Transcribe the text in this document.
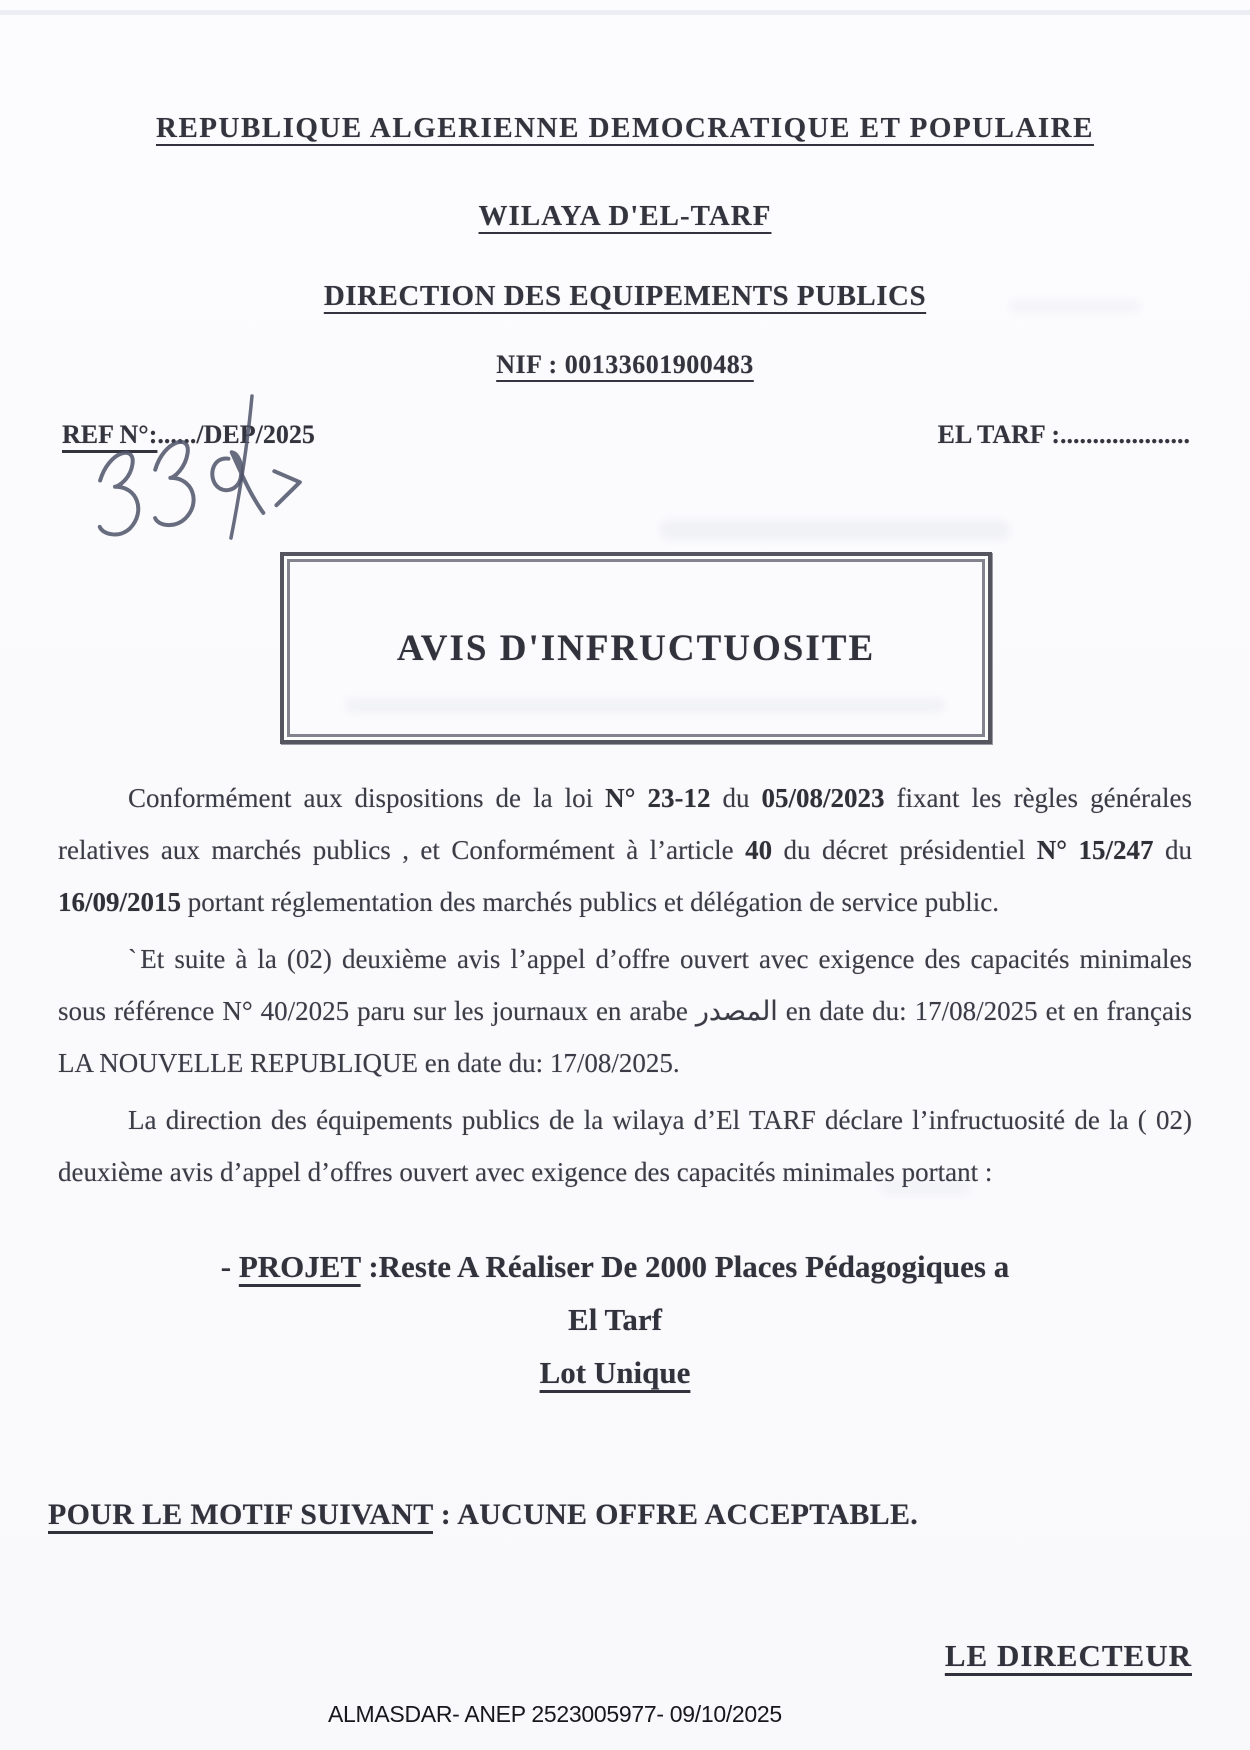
REPUBLIQUE ALGERIENNE DEMOCRATIQUE ET POPULAIRE
WILAYA D'EL-TARF
DIRECTION DES EQUIPEMENTS PUBLICS
NIF : 00133601900483
REF N°:....../DEP/2025	EL TARF :....................
AVIS D'INFRUCTUOSITE

Conformément aux dispositions de la loi N° 23-12 du 05/08/2023 fixant les règles générales relatives aux marchés publics , et Conformément à l’article 40 du décret présidentiel N° 15/247 du 16/09/2015 portant réglementation des marchés publics et délégation de service public.

ˋEt suite à la (02) deuxième avis l’appel d’offre ouvert avec exigence des capacités minimales sous référence N° 40/2025 paru sur les journaux en arabe المصدر en date du: 17/08/2025 et en français LA NOUVELLE REPUBLIQUE en date du: 17/08/2025.

La direction des équipements publics de la wilaya d’El TARF déclare l’infructuosité de la ( 02) deuxième avis d’appel d’offres ouvert avec exigence des capacités minimales portant :

- PROJET :Reste A Réaliser De 2000 Places Pédagogiques a
El Tarf
Lot Unique
POUR LE MOTIF SUIVANT : AUCUNE OFFRE ACCEPTABLE.
LE DIRECTEUR
ALMASDAR- ANEP 2523005977- 09/10/2025
